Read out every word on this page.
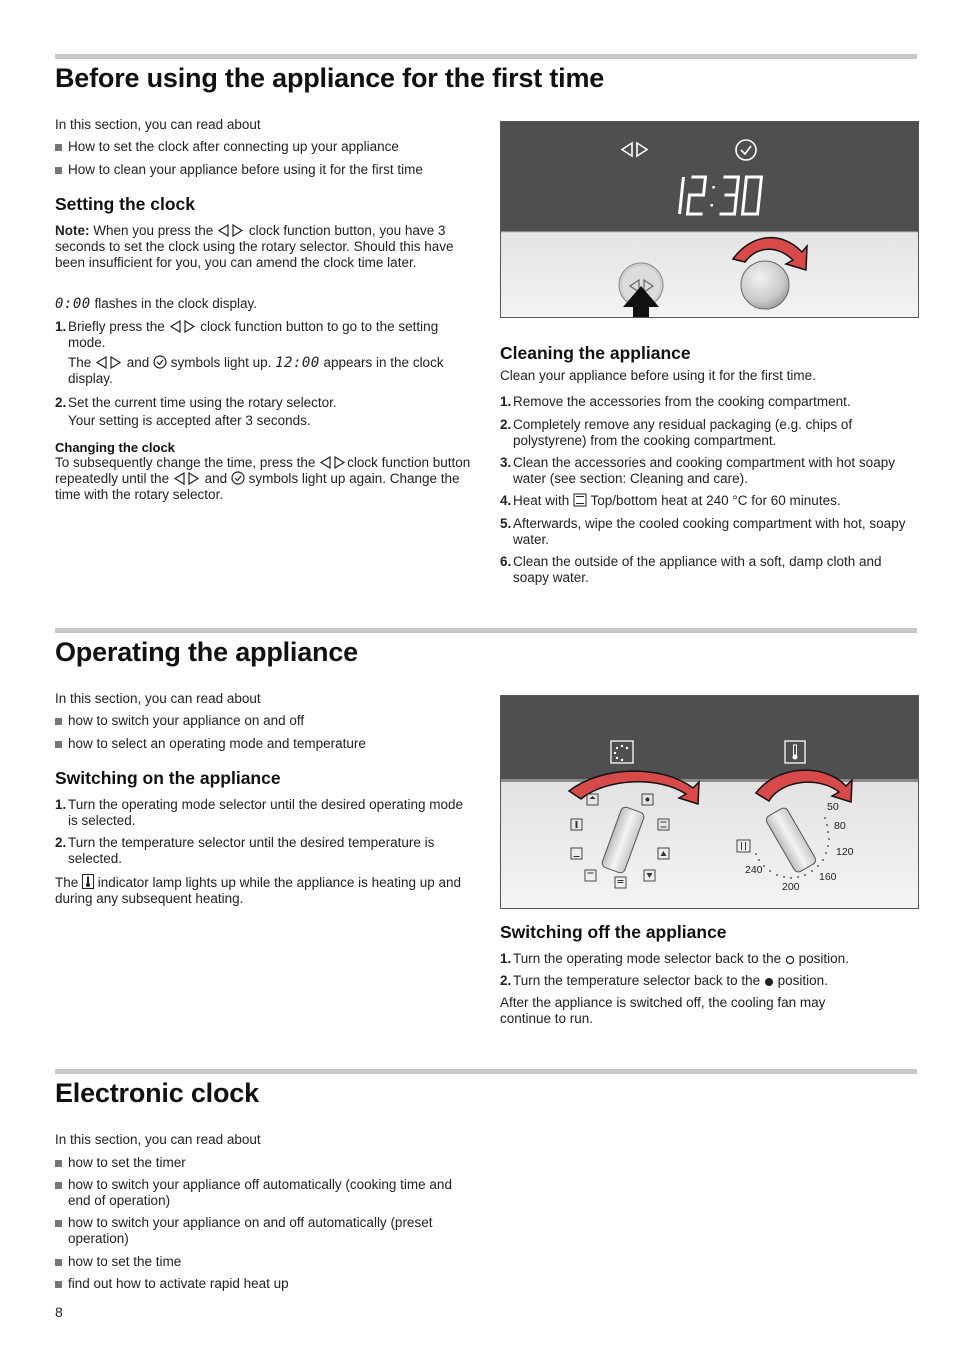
Before using the appliance for the first time
In this section, you can read about
How to set the clock after connecting up your appliance
How to clean your appliance before using it for the first time
Setting the clock
Note: When you press the  clock function button, you have 3 seconds to set the clock using the rotary selector. Should this have been insufficient for you, you can amend the clock time later.
0:00 flashes in the clock display.
1. Briefly press the  clock function button to go to the setting mode.
The  and  symbols light up. 12:00 appears in the clock display.
2. Set the current time using the rotary selector.
Your setting is accepted after 3 seconds.
Changing the clock
To subsequently change the time, press the clock function button repeatedly until the  and  symbols light up again. Change the time with the rotary selector.
Cleaning the appliance
Clean your appliance before using it for the first time.
1. Remove the accessories from the cooking compartment.
2. Completely remove any residual packaging (e.g. chips of polystyrene) from the cooking compartment.
3. Clean the accessories and cooking compartment with hot soapy water (see section: Cleaning and care).
4. Heat with  Top/bottom heat at 240 °C for 60 minutes.
5. Afterwards, wipe the cooled cooking compartment with hot, soapy water.
6. Clean the outside of the appliance with a soft, damp cloth and soapy water.
Operating the appliance
In this section, you can read about
how to switch your appliance on and off
how to select an operating mode and temperature
Switching on the appliance
1. Turn the operating mode selector until the desired operating mode is selected.
2. Turn the temperature selector until the desired temperature is selected.
The  indicator lamp lights up while the appliance is heating up and during any subsequent heating.
50
80
120
160
200
240
Switching off the appliance
1. Turn the operating mode selector back to the  position.
2. Turn the temperature selector back to the  position.
After the appliance is switched off, the cooling fan may continue to run.
Electronic clock
In this section, you can read about
how to set the timer
how to switch your appliance off automatically (cooking time and end of operation)
how to switch your appliance on and off automatically (preset operation)
how to set the time
find out how to activate rapid heat up
8
